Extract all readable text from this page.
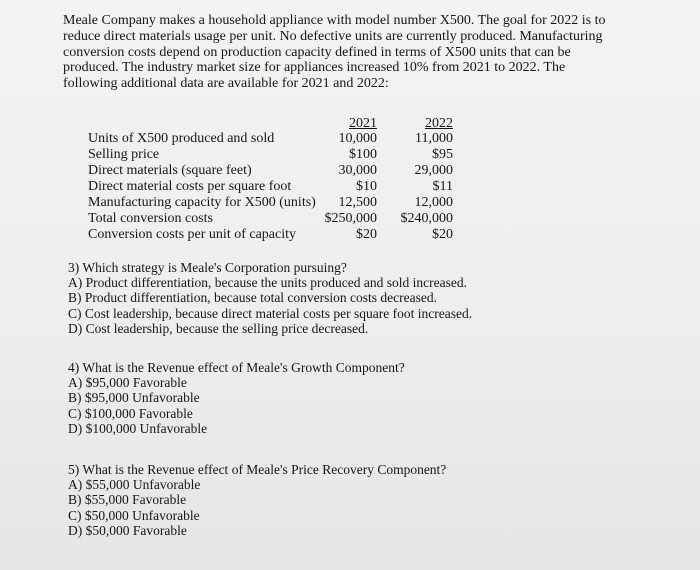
Meale Company makes a household appliance with model number X500. The goal for 2022 is to
reduce direct materials usage per unit. No defective units are currently produced. Manufacturing
conversion costs depend on production capacity defined in terms of X500 units that can be
produced. The industry market size for appliances increased 10% from 2021 to 2022. The
following additional data are available for 2021 and 2022:
2021	2022
Units of X500 produced and sold	10,000	11,000
Selling price	$100	$95
Direct materials (square feet)	30,000	29,000
Direct material costs per square foot	$10	$11
Manufacturing capacity for X500 (units) 12,500	12,000
Total conversion costs	$250,000 $240,000
Conversion costs per unit of capacity	$20	$20
3) Which strategy is Meale's Corporation pursuing?
A) Product differentiation, because the units produced and sold increased.
B) Product differentiation, because total conversion costs decreased.
C) Cost leadership, because direct material costs per square foot increased.
D) Cost leadership, because the selling price decreased.
4) What is the Revenue effect of Meale's Growth Component?
A) $95,000 Favorable
B) $95,000 Unfavorable
C) $100,000 Favorable
D) $100,000 Unfavorable
5) What is the Revenue effect of Meale's Price Recovery Component?
A) $55,000 Unfavorable
B) $55,000 Favorable
C) $50,000 Unfavorable
D) $50,000 Favorable
